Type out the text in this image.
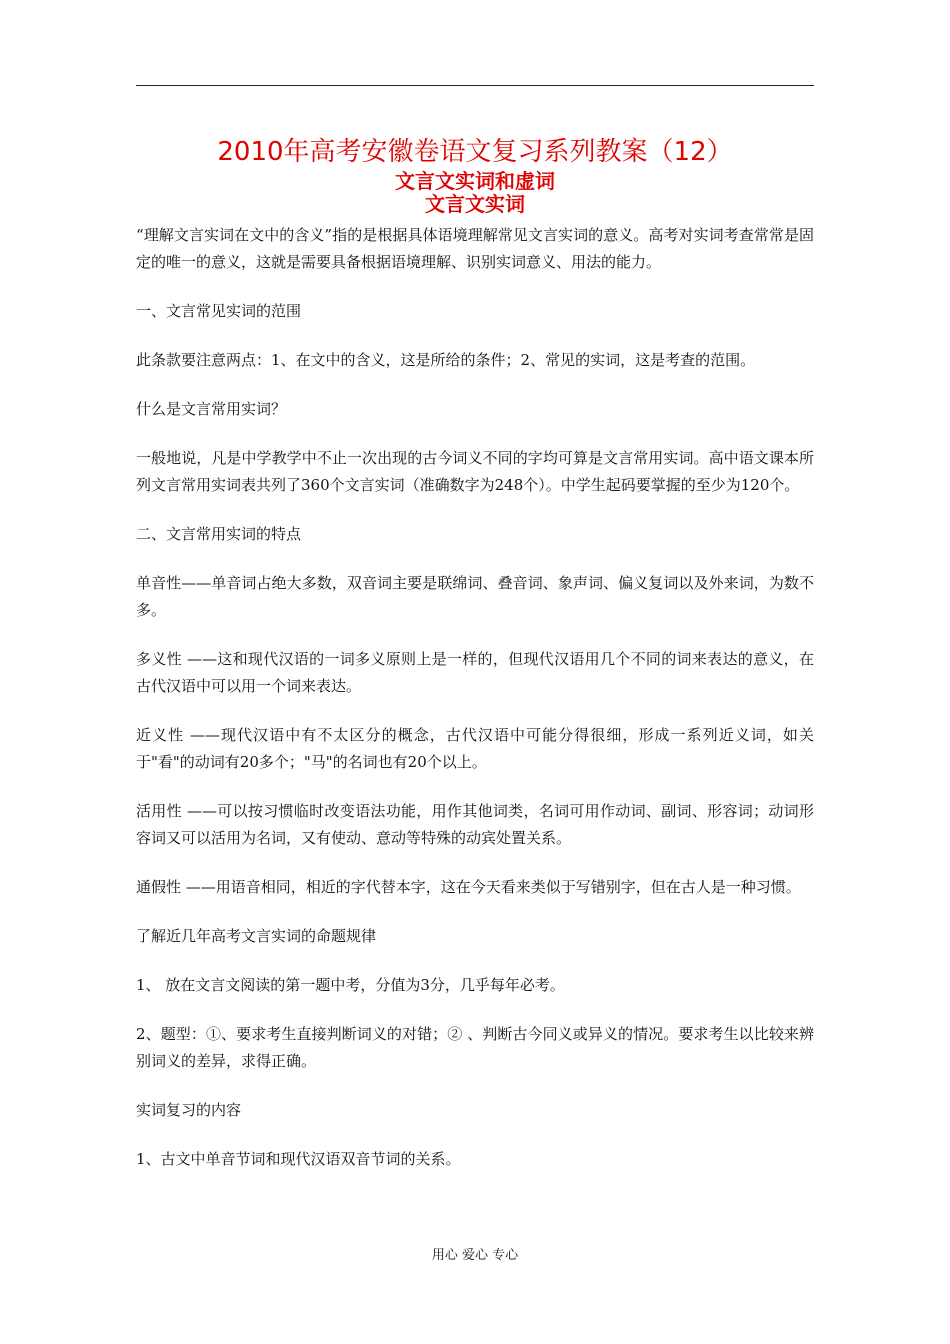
2010年高考安徽卷语文复习系列教案（12）
文言文实词和虚词
文言文实词

“理解文言实词在文中的含义”指的是根据具体语境理解常见文言实词的意义。高考对实词考查常常是固定的唯一的意义，这就是需要具备根据语境理解、识别实词意义、用法的能力。

一、文言常见实词的范围

此条款要注意两点：1、在文中的含义，这是所给的条件；2、常见的实词，这是考查的范围。

什么是文言常用实词？

一般地说，凡是中学教学中不止一次出现的古今词义不同的字均可算是文言常用实词。高中语文课本所列文言常用实词表共列了360个文言实词（准确数字为248个）。中学生起码要掌握的至少为120个。

二、文言常用实词的特点

单音性——单音词占绝大多数，双音词主要是联绵词、叠音词、象声词、偏义复词以及外来词，为数不多。

多义性 ——这和现代汉语的一词多义原则上是一样的，但现代汉语用几个不同的词来表达的意义，在古代汉语中可以用一个词来表达。

近义性 ——现代汉语中有不太区分的概念，古代汉语中可能分得很细，形成一系列近义词，如关于"看"的动词有20多个；"马"的名词也有20个以上。

活用性 ——可以按习惯临时改变语法功能，用作其他词类，名词可用作动词、副词、形容词；动词形容词又可以活用为名词，又有使动、意动等特殊的动宾处置关系。

通假性 ——用语音相同，相近的字代替本字，这在今天看来类似于写错别字，但在古人是一种习惯。

了解近几年高考文言实词的命题规律

1、 放在文言文阅读的第一题中考，分值为3分，几乎每年必考。

2、题型：①、要求考生直接判断词义的对错；② 、判断古今同义或异义的情况。要求考生以比较来辨别词义的差异，求得正确。

实词复习的内容

1、古文中单音节词和现代汉语双音节词的关系。

用心 爱心 专心
